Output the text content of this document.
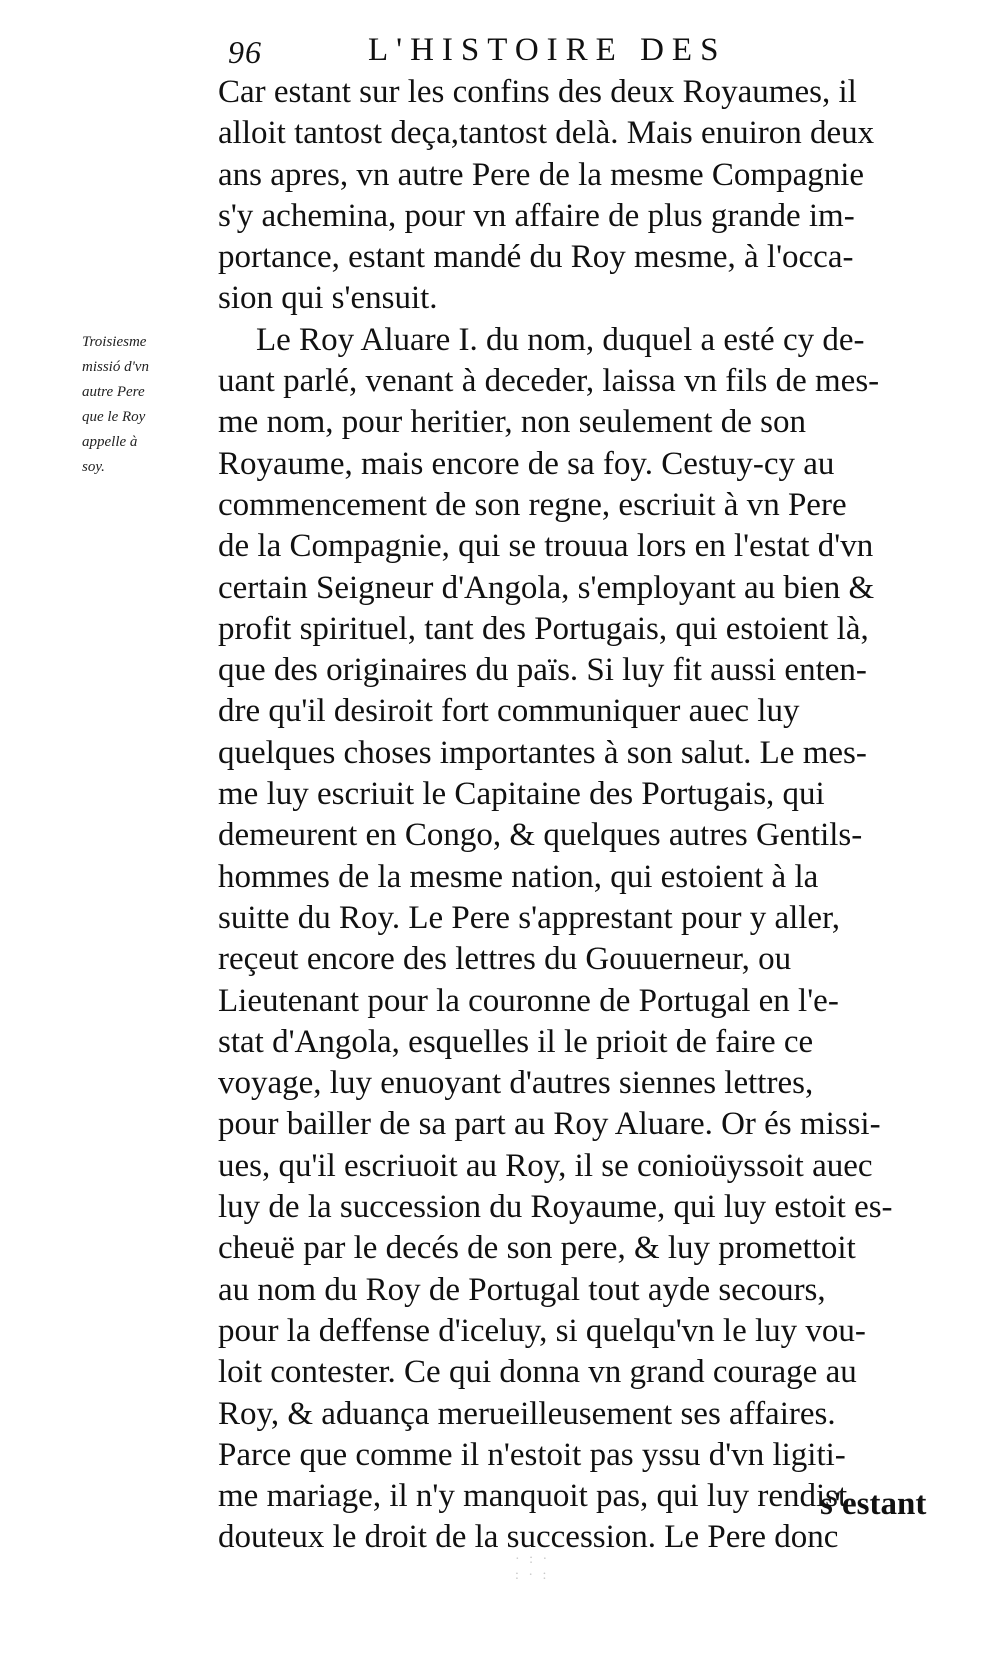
96	L'HISTOIRE DES
Troisiesme
missió d'vn
autre Pere
que le Roy
appelle à
soy.
Car estant sur les confins des deux Royaumes, il
alloit tantost deça,tantost delà. Mais enuiron deux
ans apres, vn autre Pere de la mesme Compagnie
s'y achemina, pour vn affaire de plus grande im-
portance, estant mandé du Roy mesme, à l'occa-
sion qui s'ensuit.
Le Roy Aluare I. du nom, duquel a esté cy de-
uant parlé, venant à deceder, laissa vn fils de mes-
me nom, pour heritier, non seulement de son
Royaume, mais encore de sa foy. Cestuy-cy au
commencement de son regne, escriuit à vn Pere
de la Compagnie, qui se trouua lors en l'estat d'vn
certain Seigneur d'Angola, s'employant au bien &
profit spirituel, tant des Portugais, qui estoient là,
que des originaires du païs. Si luy fit aussi enten-
dre qu'il desiroit fort communiquer auec luy
quelques choses importantes à son salut. Le mes-
me luy escriuit le Capitaine des Portugais, qui
demeurent en Congo, & quelques autres Gentils-
hommes de la mesme nation, qui estoient à la
suitte du Roy. Le Pere s'apprestant pour y aller,
reçeut encore des lettres du Gouuerneur, ou
Lieutenant pour la couronne de Portugal en l'e-
stat d'Angola, esquelles il le prioit de faire ce
voyage, luy enuoyant d'autres siennes lettres,
pour bailler de sa part au Roy Aluare. Or és missi-
ues, qu'il escriuoit au Roy, il se conioüyssoit auec
luy de la succession du Royaume, qui luy estoit es-
cheuë par le decés de son pere, & luy promettoit
au nom du Roy de Portugal tout ayde secours,
pour la deffense d'iceluy, si quelqu'vn le luy vou-
loit contester. Ce qui donna vn grand courage au
Roy, & aduança merueilleusement ses affaires.
Parce que comme il n'estoit pas yssu d'vn ligiti-
me mariage, il n'y manquoit pas, qui luy rendist
douteux le droit de la succession. Le Pere donc
s'estant
· : ·
: · :
